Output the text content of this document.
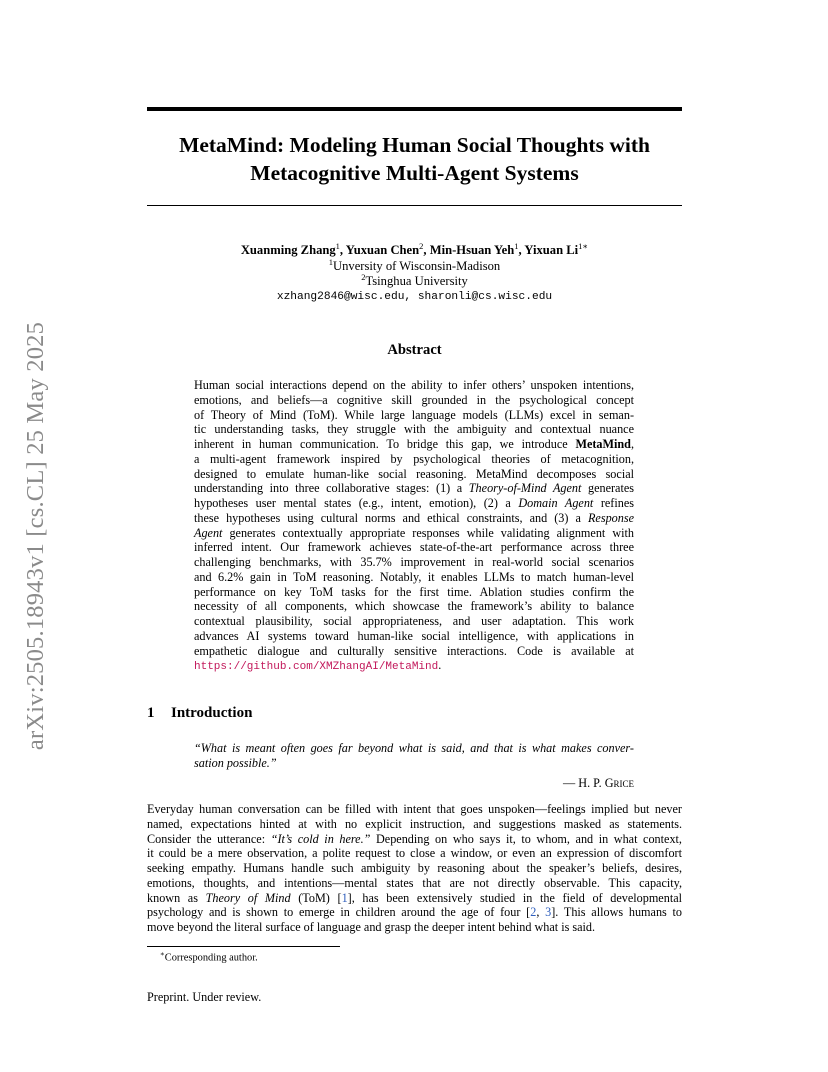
arXiv:2505.18943v1 [cs.CL] 25 May 2025
MetaMind: Modeling Human Social Thoughts with
Metacognitive Multi-Agent Systems
Xuanming Zhang$^1$, Yuxuan Chen$^2$, Min-Hsuan Yeh$^1$, Yixuan $Li^{1∗}$
$^1$Unversity of Wisconsin-Madison
$^2$Tsinghua University
xzhang2846@wisc.edu, sharonli@cs.wisc.edu
Abstract
Human social interactions depend on the ability to infer others’ unspoken intentions,
emotions, and beliefs—a cognitive skill grounded in the psychological concept
of Theory of Mind (ToM). While large language models (LLMs) excel in seman-
tic understanding tasks, they struggle with the ambiguity and contextual nuance
inherent in human communication. To bridge this gap, we introduce MetaMind,
a multi-agent framework inspired by psychological theories of metacognition,
designed to emulate human-like social reasoning. MetaMind decomposes social
understanding into three collaborative stages: (1) a Theory-of-Mind Agent generates
hypotheses user mental states (e.g., intent, emotion), (2) a Domain Agent refines
these hypotheses using cultural norms and ethical constraints, and (3) a Response
Agent generates contextually appropriate responses while validating alignment with
inferred intent. Our framework achieves state-of-the-art performance across three
challenging benchmarks, with 35.7% improvement in real-world social scenarios
and 6.2% gain in ToM reasoning. Notably, it enables LLMs to match human-level
performance on key ToM tasks for the first time. Ablation studies confirm the
necessity of all components, which showcase the framework’s ability to balance
contextual plausibility, social appropriateness, and user adaptation. This work
advances AI systems toward human-like social intelligence, with applications in
empathetic dialogue and culturally sensitive interactions. Code is available at
https://github.com/XMZhangAI/MetaMind.
1 Introduction
“What is meant often goes far beyond what is said, and that is what makes conver-
sation possible.”
— H. P. Grice
Everyday human conversation can be filled with intent that goes unspoken—feelings implied but never
named, expectations hinted at with no explicit instruction, and suggestions masked as statements.
Consider the utterance: “It’s cold in here.” Depending on who says it, to whom, and in what context,
it could be a mere observation, a polite request to close a window, or even an expression of discomfort
seeking empathy. Humans handle such ambiguity by reasoning about the speaker’s beliefs, desires,
emotions, thoughts, and intentions—mental states that are not directly observable. This capacity,
known as Theory of Mind (ToM) [1], has been extensively studied in the field of developmental
psychology and is shown to emerge in children around the age of four [2, 3]. This allows humans to
move beyond the literal surface of language and grasp the deeper intent behind what is said.
∗Corresponding author.
Preprint. Under review.
